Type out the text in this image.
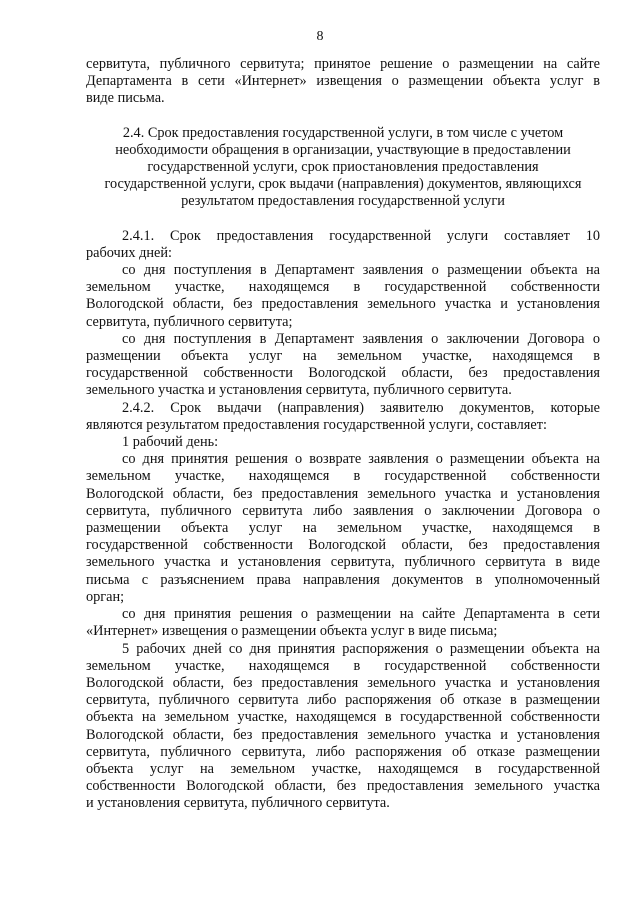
8
сервитута, публичного сервитута; принятое решение о размещении на сайте
Департамента в сети «Интернет» извещения о размещении объекта услуг в
виде письма.
2.4. Срок предоставления государственной услуги, в том числе с учетом
необходимости обращения в организации, участвующие в предоставлении
государственной услуги, срок приостановления предоставления
государственной услуги, срок выдачи (направления) документов, являющихся
результатом предоставления государственной услуги
2.4.1. Срок предоставления государственной услуги составляет 10
рабочих дней:
со дня поступления в Департамент заявления о размещении объекта на
земельном участке, находящемся в государственной собственности
Вологодской области, без предоставления земельного участка и установления
сервитута, публичного сервитута;
со дня поступления в Департамент заявления о заключении Договора о
размещении объекта услуг на земельном участке, находящемся в
государственной собственности Вологодской области, без предоставления
земельного участка и установления сервитута, публичного сервитута.
2.4.2. Срок выдачи (направления) заявителю документов, которые
являются результатом предоставления государственной услуги, составляет:
1 рабочий день:
со дня принятия решения о возврате заявления о размещении объекта на
земельном участке, находящемся в государственной собственности
Вологодской области, без предоставления земельного участка и установления
сервитута, публичного сервитута либо заявления о заключении Договора о
размещении объекта услуг на земельном участке, находящемся в
государственной собственности Вологодской области, без предоставления
земельного участка и установления сервитута, публичного сервитута в виде
письма с разъяснением права направления документов в уполномоченный
орган;
со дня принятия решения о размещении на сайте Департамента в сети
«Интернет» извещения о размещении объекта услуг в виде письма;
5 рабочих дней со дня принятия распоряжения о размещении объекта на
земельном участке, находящемся в государственной собственности
Вологодской области, без предоставления земельного участка и установления
сервитута, публичного сервитута либо распоряжения об отказе в размещении
объекта на земельном участке, находящемся в государственной собственности
Вологодской области, без предоставления земельного участка и установления
сервитута, публичного сервитута, либо распоряжения об отказе размещении
объекта услуг на земельном участке, находящемся в государственной
собственности Вологодской области, без предоставления земельного участка
и установления сервитута, публичного сервитута.
